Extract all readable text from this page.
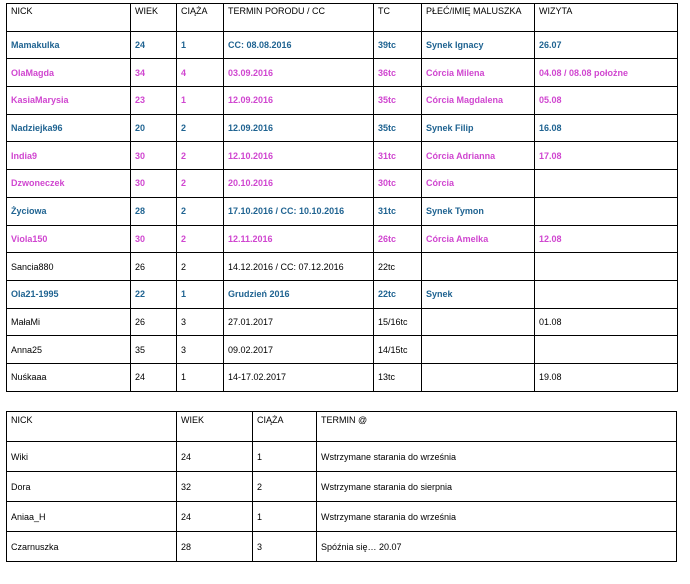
NICK	WIEK	CIĄŻA	TERMIN PORODU / CC	TC	PŁEĆ/IMIĘ MALUSZKA	WIZYTA
Mamakulka	24	1	CC: 08.08.2016	39tc	Synek Ignacy	26.07
OlaMagda	34	4	03.09.2016	36tc	Córcia Milena	04.08 / 08.08 położne
KasiaMarysia	23	1	12.09.2016	35tc	Córcia Magdalena	05.08
Nadziejka96	20	2	12.09.2016	35tc	Synek Filip	16.08
India9	30	2	12.10.2016	31tc	Córcia Adrianna	17.08
Dzwoneczek	30	2	20.10.2016	30tc	Córcia	
Życiowa	28	2	17.10.2016 / CC: 10.10.2016	31tc	Synek Tymon	
Viola150	30	2	12.11.2016	26tc	Córcia Amelka	12.08
Sancia880	26	2	14.12.2016 / CC: 07.12.2016	22tc		
Ola21-1995	22	1	Grudzień 2016	22tc	Synek	
MałaMi	26	3	27.01.2017	15/16tc		01.08
Anna25	35	3	09.02.2017	14/15tc		
Nuśkaaa	24	1	14-17.02.2017	13tc		19.08
NICK	WIEK	CIĄŻA	TERMIN @
Wiki	24	1	Wstrzymane starania do września
Dora	32	2	Wstrzymane starania do sierpnia
Aniaa_H	24	1	Wstrzymane starania do września
Czarnuszka	28	3	Spóźnia się… 20.07
